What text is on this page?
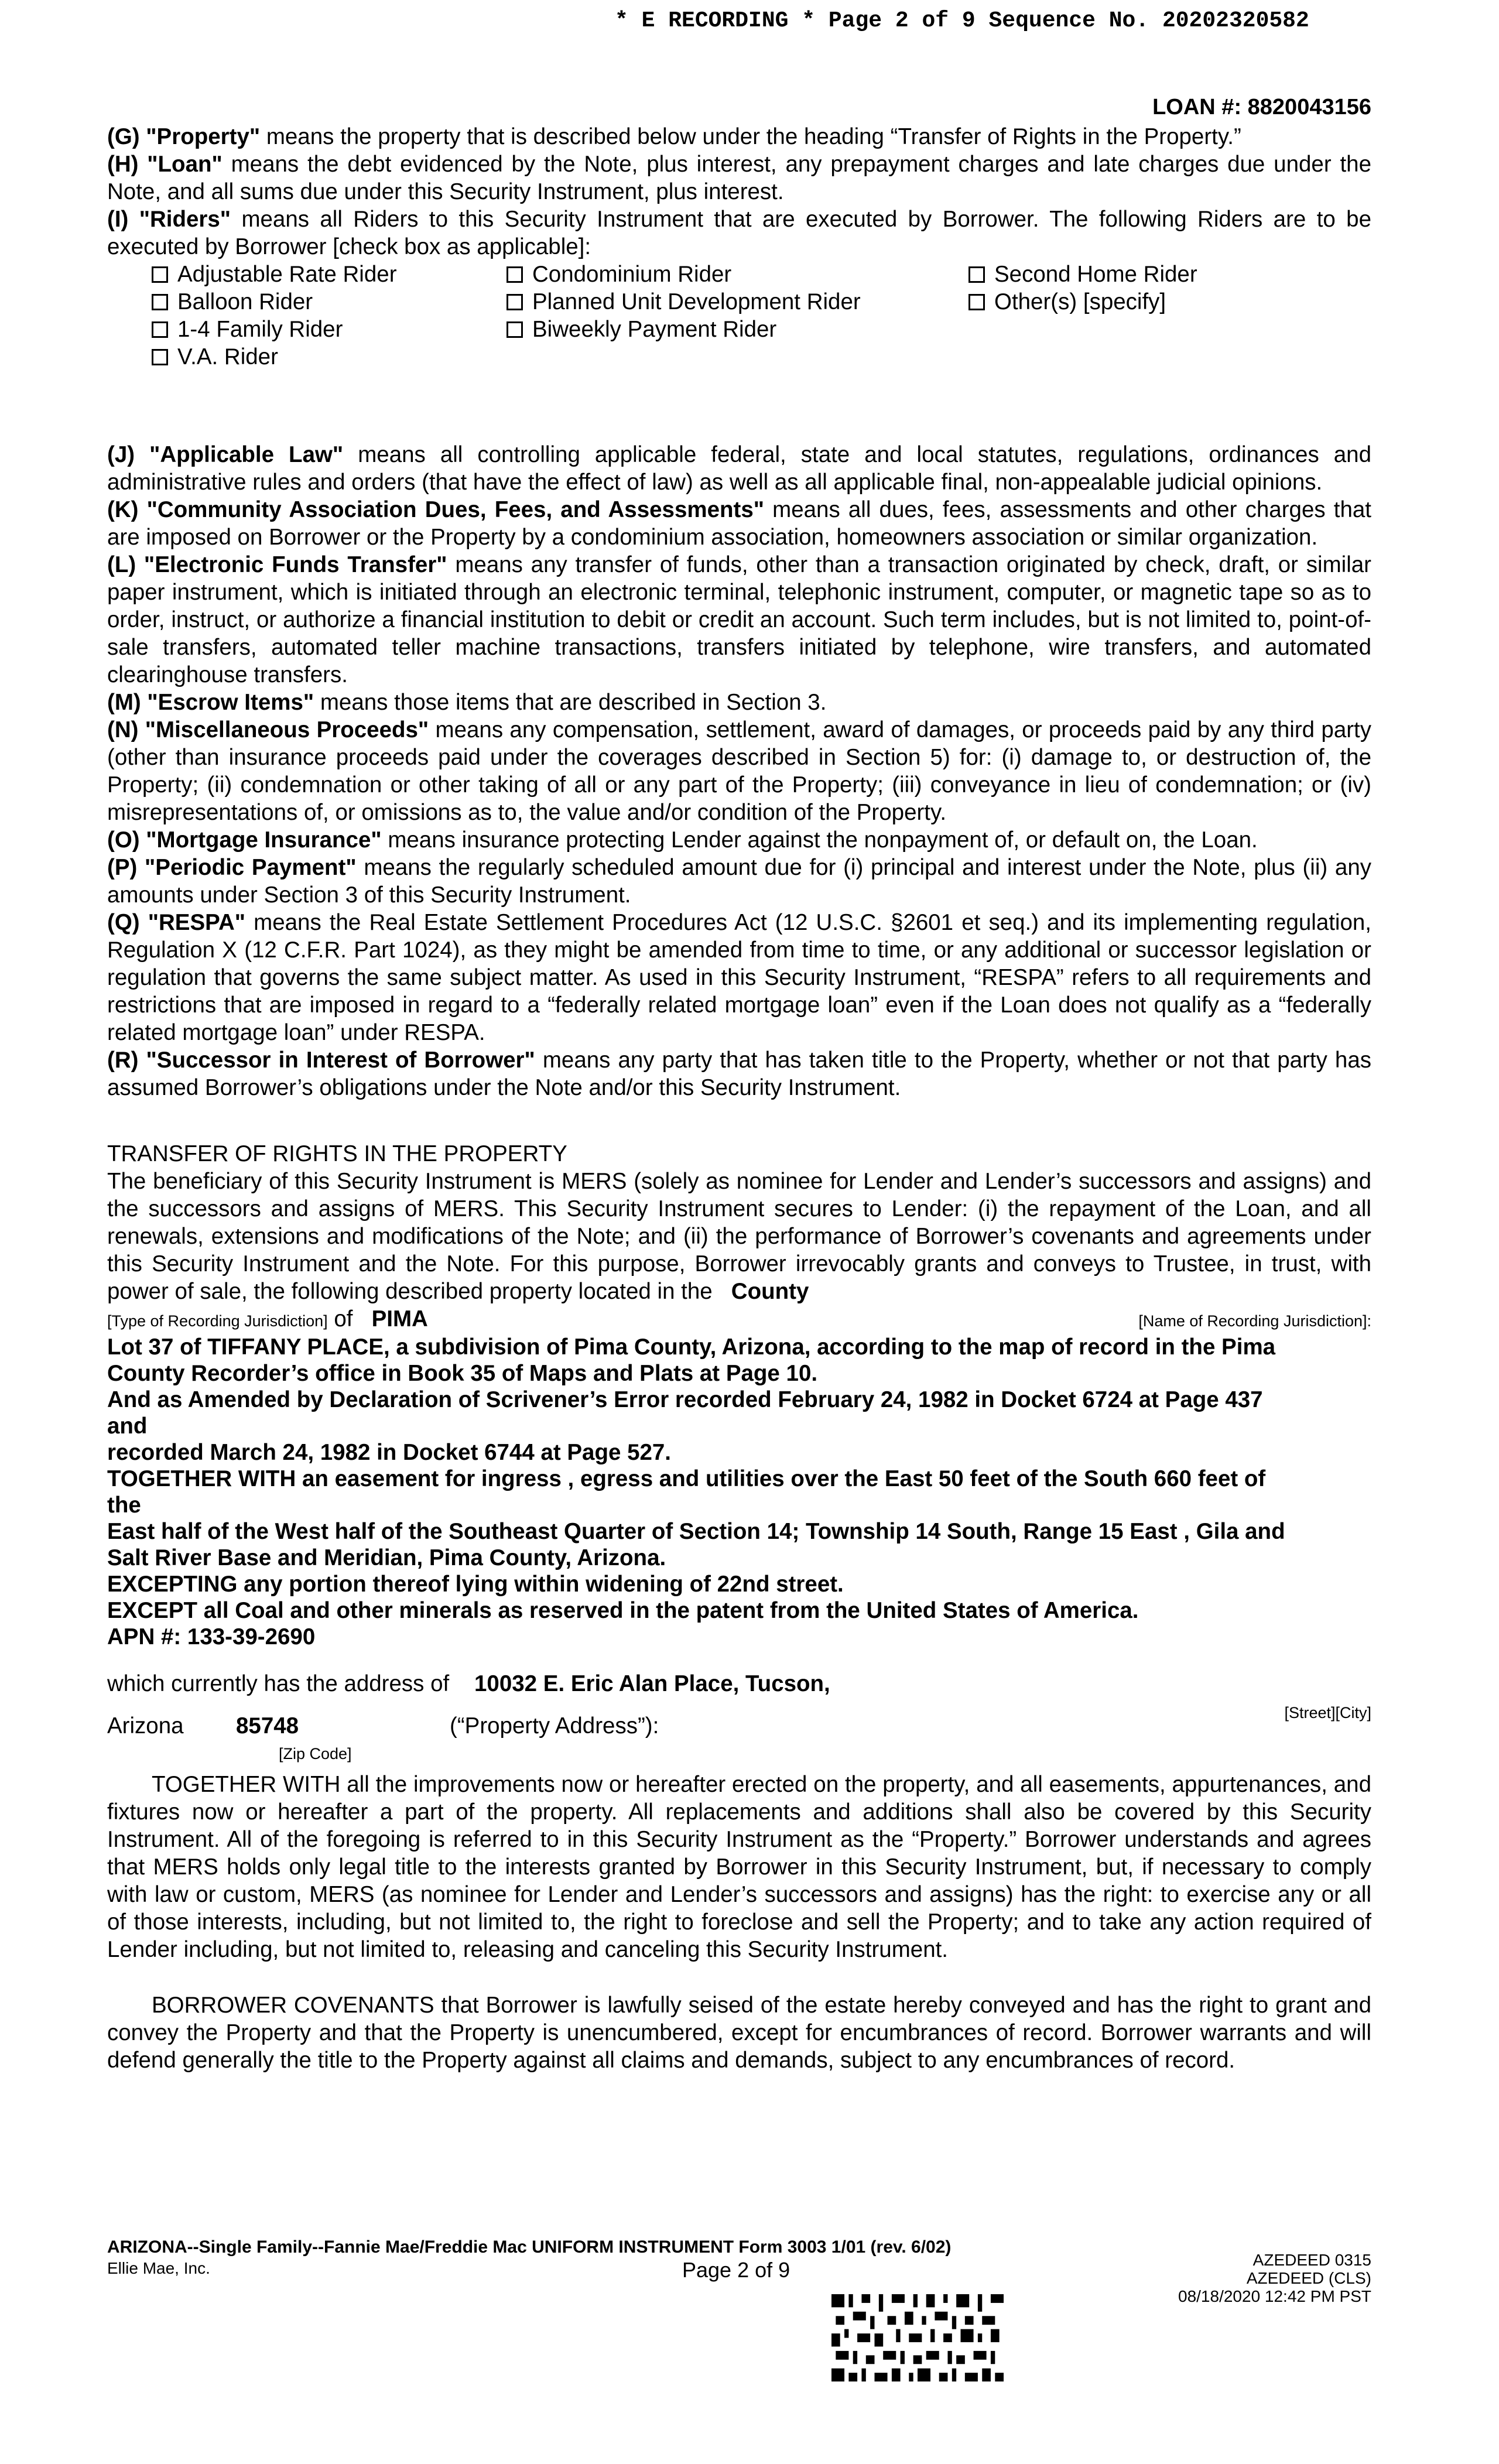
* E RECORDING * Page 2 of 9 Sequence No. 20202320582
LOAN #: 8820043156

(G) "Property" means the property that is described below under the heading “Transfer of Rights in the Property.”

(H) "Loan" means the debt evidenced by the Note, plus interest, any prepayment charges and late charges due under the Note, and all sums due under this Security Instrument, plus interest.

(I) "Riders" means all Riders to this Security Instrument that are executed by Borrower. The following Riders are to be executed by Borrower [check box as applicable]:

Adjustable Rate Rider
Balloon Rider
1-4 Family Rider
V.A. Rider
Condominium Rider
Planned Unit Development Rider
Biweekly Payment Rider
Second Home Rider
Other(s) [specify]

(J) "Applicable Law" means all controlling applicable federal, state and local statutes, regulations, ordinances and administrative rules and orders (that have the effect of law) as well as all applicable final, non-appealable judicial opinions.

(K) "Community Association Dues, Fees, and Assessments" means all dues, fees, assessments and other charges that are imposed on Borrower or the Property by a condominium association, homeowners association or similar organization.

(L) "Electronic Funds Transfer" means any transfer of funds, other than a transaction originated by check, draft, or similar paper instrument, which is initiated through an electronic terminal, telephonic instrument, computer, or magnetic tape so as to order, instruct, or authorize a financial institution to debit or credit an account. Such term includes, but is not limited to, point-of-sale transfers, automated teller machine transactions, transfers initiated by telephone, wire transfers, and automated clearinghouse transfers.

(M) "Escrow Items" means those items that are described in Section 3.

(N) "Miscellaneous Proceeds" means any compensation, settlement, award of damages, or proceeds paid by any third party (other than insurance proceeds paid under the coverages described in Section 5) for: (i) damage to, or destruction of, the Property; (ii) condemnation or other taking of all or any part of the Property; (iii) conveyance in lieu of condemnation; or (iv) misrepresentations of, or omissions as to, the value and/or condition of the Property.

(O) "Mortgage Insurance" means insurance protecting Lender against the nonpayment of, or default on, the Loan.

(P) "Periodic Payment" means the regularly scheduled amount due for (i) principal and interest under the Note, plus (ii) any amounts under Section 3 of this Security Instrument.

(Q) "RESPA" means the Real Estate Settlement Procedures Act (12 U.S.C. §2601 et seq.) and its implementing regulation, Regulation X (12 C.F.R. Part 1024), as they might be amended from time to time, or any additional or successor legislation or regulation that governs the same subject matter. As used in this Security Instrument, “RESPA” refers to all requirements and restrictions that are imposed in regard to a “federally related mortgage loan” even if the Loan does not qualify as a “federally related mortgage loan” under RESPA.

(R) "Successor in Interest of Borrower" means any party that has taken title to the Property, whether or not that party has assumed Borrower’s obligations under the Note and/or this Security Instrument.

TRANSFER OF RIGHTS IN THE PROPERTY

The beneficiary of this Security Instrument is MERS (solely as nominee for Lender and Lender’s successors and assigns) and the successors and assigns of MERS. This Security Instrument secures to Lender: (i) the repayment of the Loan, and all renewals, extensions and modifications of the Note; and (ii) the performance of Borrower’s covenants and agreements under this Security Instrument and the Note. For this purpose, Borrower irrevocably grants and conveys to Trustee, in trust, with power of sale, the following described property located in the County

[Type of Recording Jurisdiction] of PIMA	[Name of Recording Jurisdiction]:
Lot 37 of TIFFANY PLACE, a subdivision of Pima County, Arizona, according to the map of record in the Pima
County Recorder’s office in Book 35 of Maps and Plats at Page 10.
And as Amended by Declaration of Scrivener’s Error recorded February 24, 1982 in Docket 6724 at Page 437
and
recorded March 24, 1982 in Docket 6744 at Page 527.
TOGETHER WITH an easement for ingress , egress and utilities over the East 50 feet of the South 660 feet of
the
East half of the West half of the Southeast Quarter of Section 14; Township 14 South, Range 15 East , Gila and
Salt River Base and Meridian, Pima County, Arizona.
EXCEPTING any portion thereof lying within widening of 22nd street.
EXCEPT all Coal and other minerals as reserved in the patent from the United States of America.
APN #: 133-39-2690
which currently has the address of 10032 E. Eric Alan Place, Tucson,
[Street][City]
Arizona 85748	(“Property Address”):
[Zip Code]

TOGETHER WITH all the improvements now or hereafter erected on the property, and all easements, appurtenances, and fixtures now or hereafter a part of the property. All replacements and additions shall also be covered by this Security Instrument. All of the foregoing is referred to in this Security Instrument as the “Property.” Borrower understands and agrees that MERS holds only legal title to the interests granted by Borrower in this Security Instrument, but, if necessary to comply with law or custom, MERS (as nominee for Lender and Lender’s successors and assigns) has the right: to exercise any or all of those interests, including, but not limited to, the right to foreclose and sell the Property; and to take any action required of Lender including, but not limited to, releasing and canceling this Security Instrument.

BORROWER COVENANTS that Borrower is lawfully seised of the estate hereby conveyed and has the right to grant and convey the Property and that the Property is unencumbered, except for encumbrances of record. Borrower warrants and will defend generally the title to the Property against all claims and demands, subject to any encumbrances of record.

ARIZONA--Single Family--Fannie Mae/Freddie Mac UNIFORM INSTRUMENT Form 3003 1/01 (rev. 6/02)
Ellie Mae, Inc.	Page 2 of 9	AZEDEED 0315
AZEDEED (CLS)
08/18/2020 12:42 PM PST
